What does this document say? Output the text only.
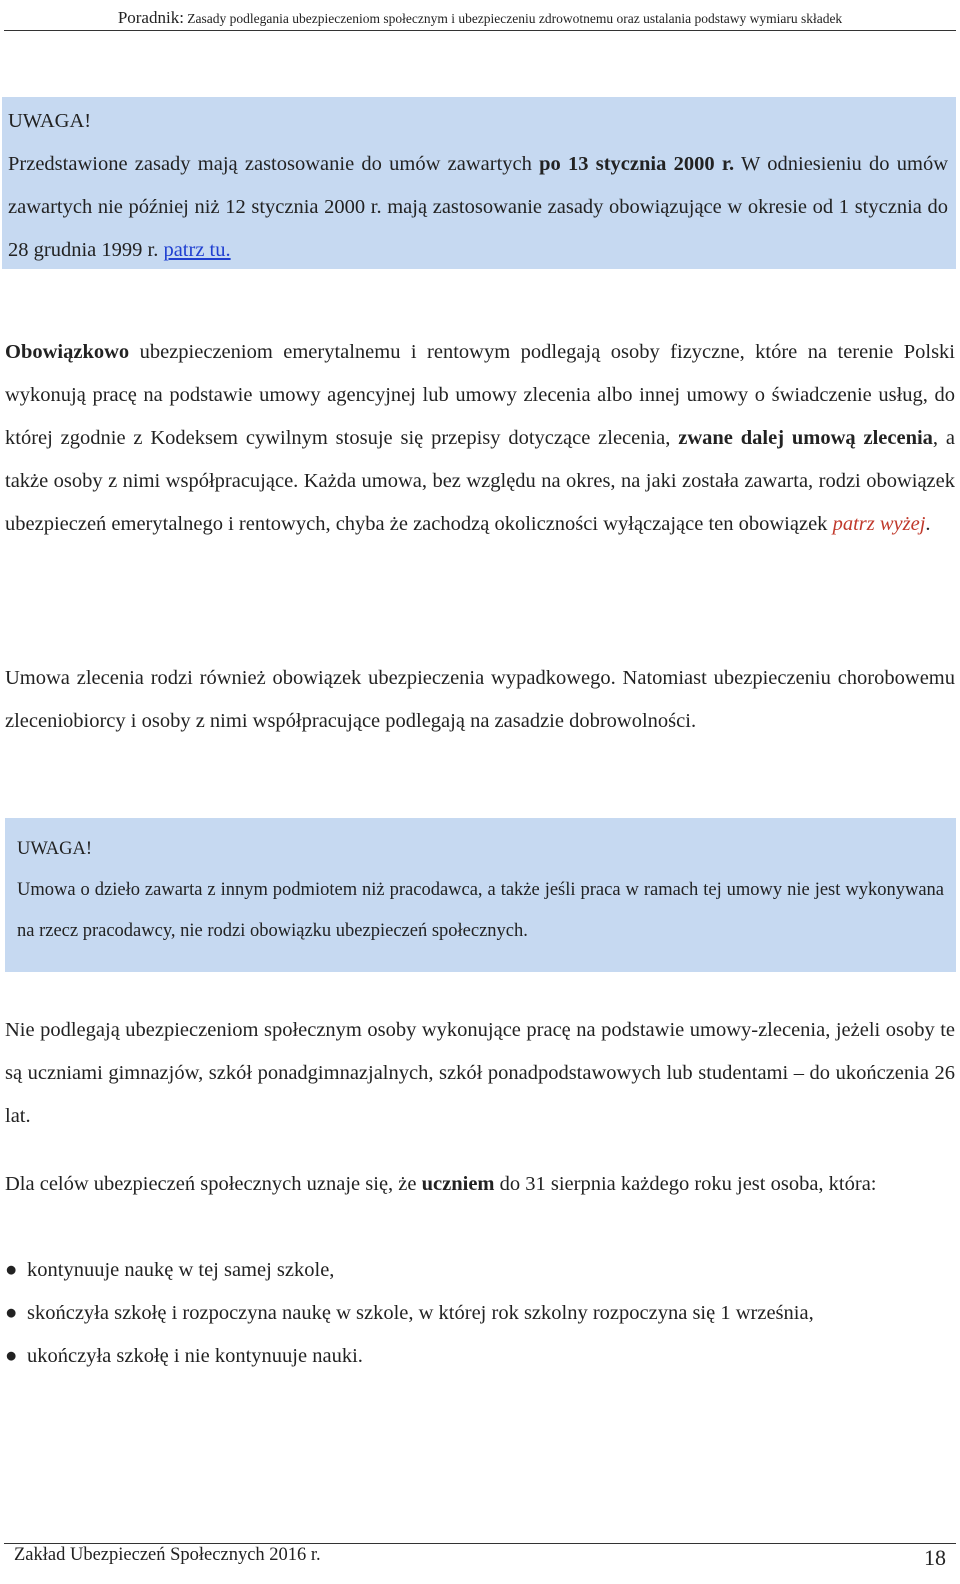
Poradnik: Zasady podlegania ubezpieczeniom społecznym i ubezpieczeniu zdrowotnemu oraz ustalania podstawy wymiaru składek
UWAGA!
Przedstawione zasady mają zastosowanie do umów zawartych po 13 stycznia 2000 r. W odniesieniu do umów zawartych nie później niż 12 stycznia 2000 r. mają zastosowanie zasady obowiązujące w okresie od 1 stycznia do 28 grudnia 1999 r. patrz tu.
Obowiązkowo ubezpieczeniom emerytalnemu i rentowym podlegają osoby fizyczne, które na terenie Polski wykonują pracę na podstawie umowy agencyjnej lub umowy zlecenia albo innej umowy o świadczenie usług, do której zgodnie z Kodeksem cywilnym stosuje się przepisy dotyczące zlecenia, zwane dalej umową zlecenia, a także osoby z nimi współpracujące. Każda umowa, bez względu na okres, na jaki została zawarta, rodzi obowiązek ubezpieczeń emerytalnego i rentowych, chyba że zachodzą okoliczności wyłączające ten obowiązek patrz wyżej.
Umowa zlecenia rodzi również obowiązek ubezpieczenia wypadkowego. Natomiast ubezpieczeniu chorobowemu zleceniobiorcy i osoby z nimi współpracujące podlegają na zasadzie dobrowolności.
UWAGA!
Umowa o dzieło zawarta z innym podmiotem niż pracodawca, a także jeśli praca w ramach tej umowy nie jest wykonywana na rzecz pracodawcy, nie rodzi obowiązku ubezpieczeń społecznych.
Nie podlegają ubezpieczeniom społecznym osoby wykonujące pracę na podstawie umowy-zlecenia, jeżeli osoby te są uczniami gimnazjów, szkół ponadgimnazjalnych, szkół ponadpodstawowych lub studentami – do ukończenia 26 lat.
Dla celów ubezpieczeń społecznych uznaje się, że uczniem do 31 sierpnia każdego roku jest osoba, która:
● kontynuuje naukę w tej samej szkole,
● skończyła szkołę i rozpoczyna naukę w szkole, w której rok szkolny rozpoczyna się 1 września,
● ukończyła szkołę i nie kontynuuje nauki.
Zakład Ubezpieczeń Społecznych 2016 r.	18
